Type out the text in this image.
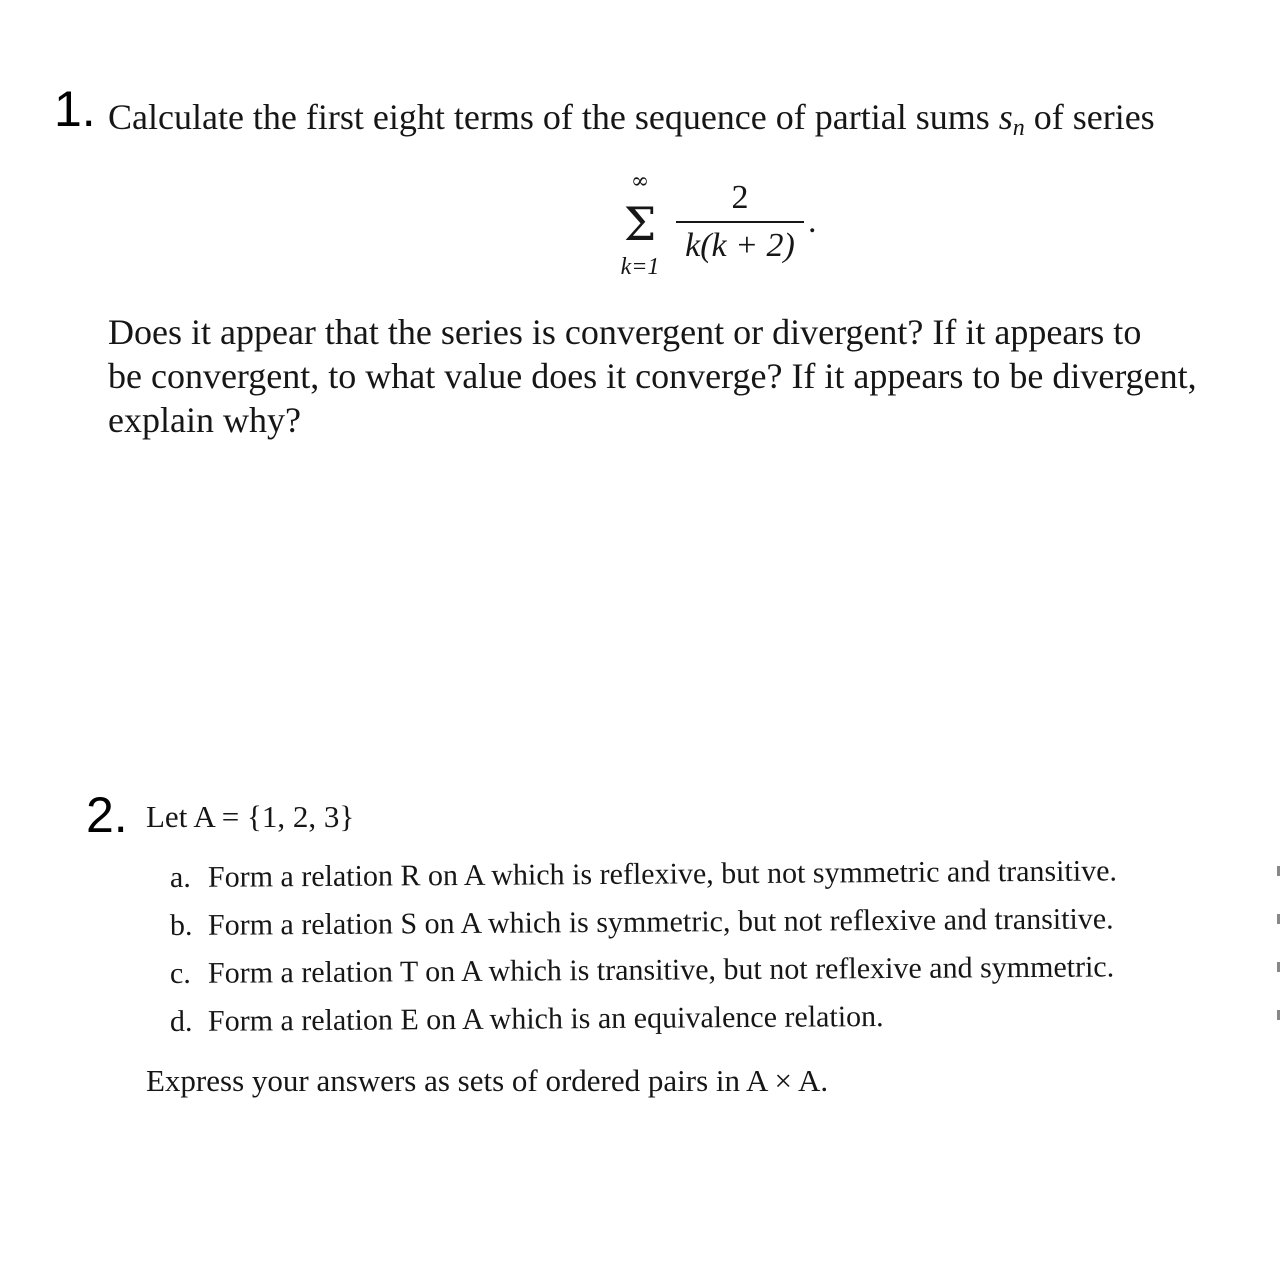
1. Calculate the first eight terms of the sequence of partial sums $s_n$ of series
∞
Σ
k=1
2
k(k + 2)
.
Does it appear that the series is convergent or divergent? If it appears to
be convergent, to what value does it converge? If it appears to be divergent,
explain why?
2. Let A = {1, 2, 3}
a. Form a relation R on A which is reflexive, but not symmetric and transitive.
b. Form a relation S on A which is symmetric, but not reflexive and transitive.
c. Form a relation T on A which is transitive, but not reflexive and symmetric.
d. Form a relation E on A which is an equivalence relation.
Express your answers as sets of ordered pairs in A × A.
